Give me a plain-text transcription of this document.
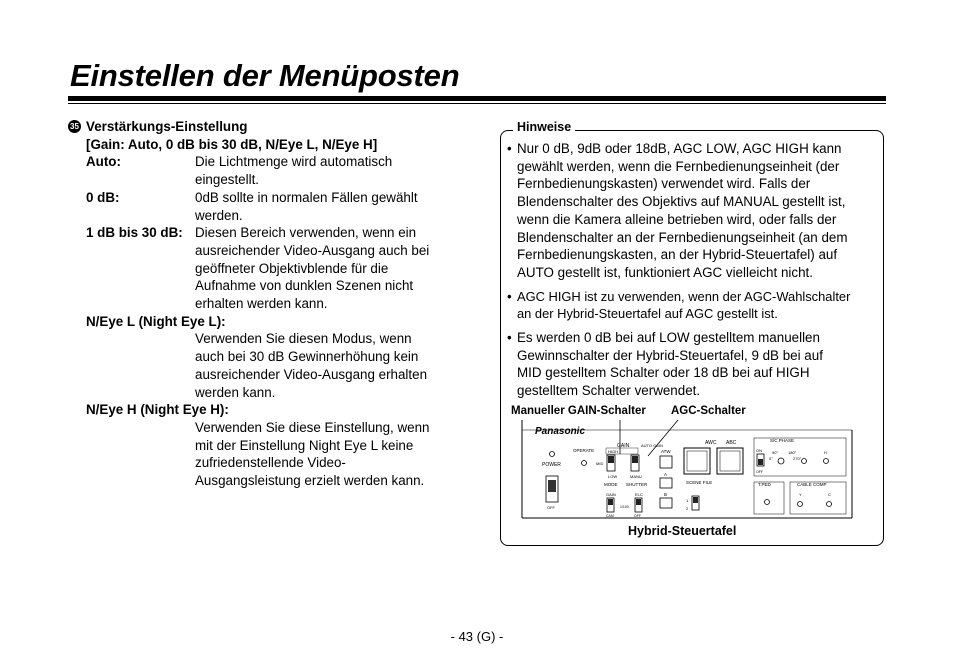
Einstellen der Menüposten
35 Verstärkungs-Einstellung
[Gain: Auto, 0 dB bis 30 dB, N/Eye L, N/Eye H]
Auto:	Die Lichtmenge wird automatisch
eingestellt.
0 dB:	0dB sollte in normalen Fällen gewählt
werden.
1 dB bis 30 dB: Diesen Bereich verwenden, wenn ein
ausreichender Video-Ausgang auch bei
geöffneter Objektivblende für die
Aufnahme von dunklen Szenen nicht
erhalten werden kann.
N/Eye L (Night Eye L):
Verwenden Sie diesen Modus, wenn
auch bei 30 dB Gewinnerhöhung kein
ausreichender Video-Ausgang erhalten
werden kann.
N/Eye H (Night Eye H):
Verwenden Sie diese Einstellung, wenn
mit der Einstellung Night Eye L keine
zufriedenstellende Video-
Ausgangsleistung erzielt werden kann.
Hinweise
• Nur 0 dB, 9dB oder 18dB, AGC LOW, AGC HIGH kann
gewählt werden, wenn die Fernbedienungseinheit (der
Fernbedienungskasten) verwendet wird. Falls der
Blendenschalter des Objektivs auf MANUAL gestellt ist,
wenn die Kamera alleine betrieben wird, oder falls der
Blendenschalter an der Fernbedienungseinheit (an dem
Fernbedienungskasten, an der Hybrid-Steuertafel) auf
AUTO gestellt ist, funktioniert AGC vielleicht nicht.
• AGC HIGH ist zu verwenden, wenn der AGC-Wahlschalter
an der Hybrid-Steuertafel auf AGC gestellt ist.
• Es werden 0 dB bei auf LOW gestelltem manuellen
Gewinnschalter der Hybrid-Steuertafel, 9 dB bei auf
MID gestelltem Schalter oder 18 dB bei auf HIGH
gestelltem Schalter verwendet.
Manueller GAIN-Schalter AGC-Schalter
Panasonic
POWER
OFF
OPERATE
GAIN
HIGH
MID
LOW
AUTO GAIN
MANU
ATW
A
B
MODE SHUTTER
GAIN
CAM
ELC
1/100
OFF
AWC ABC
SCENE FILE
1
2
S/C PHASE
ON
OFF
90°
0°
180°
270°
H
T.PED	CABLE COMP
Y	C
Hybrid-Steuertafel
- 43 (G) -
